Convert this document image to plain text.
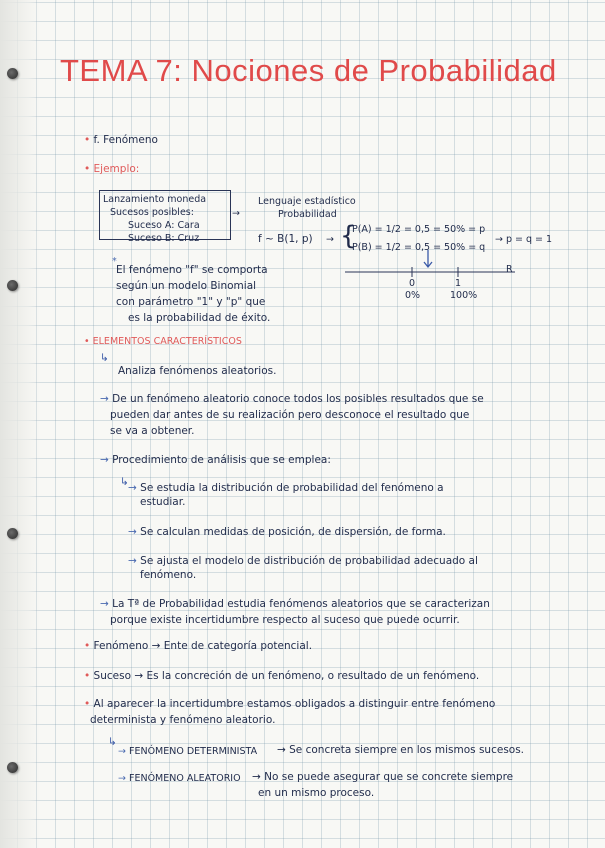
TEMA 7: Nociones de Probabilidad
• f. Fenómeno
• Ejemplo:
Lanzamiento moneda
Sucesos posibles:
Suceso A: Cara
Suceso B: Cruz
→
Lenguaje estadístico
Probabilidad
f ~ B(1, p) → {
P(A) = 1/2 = 0,5 = 50% = p
P(B) = 1/2 = 0,5 = 50% = q
→ p = q = 1
*
El fenómeno "f" se comporta
según un modelo Binomial
con parámetro "1" y "p" que
es la probabilidad de éxito.
0	1
0%	100%
R
• ELEMENTOS CARACTERÍSTICOS
↳
Analiza fenómenos aleatorios.
→ De un fenómeno aleatorio conoce todos los posibles resultados que se
pueden dar antes de su realización pero desconoce el resultado que
se va a obtener.
→ Procedimiento de análisis que se emplea:
↳ → Se estudia la distribución de probabilidad del fenómeno a
estudiar.
→ Se calculan medidas de posición, de dispersión, de forma.
→ Se ajusta el modelo de distribución de probabilidad adecuado al
fenómeno.
→ La Tª de Probabilidad estudia fenómenos aleatorios que se caracterizan
porque existe incertidumbre respecto al suceso que puede ocurrir.
• Fenómeno → Ente de categoría potencial.
• Suceso → Es la concreción de un fenómeno, o resultado de un fenómeno.
• Al aparecer la incertidumbre estamos obligados a distinguir entre fenómeno
determinista y fenómeno aleatorio.
↳
→ FENÓMENO DETERMINISTA → Se concreta siempre en los mismos sucesos.
→ FENÓMENO ALEATORIO → No se puede asegurar que se concrete siempre
en un mismo proceso.
